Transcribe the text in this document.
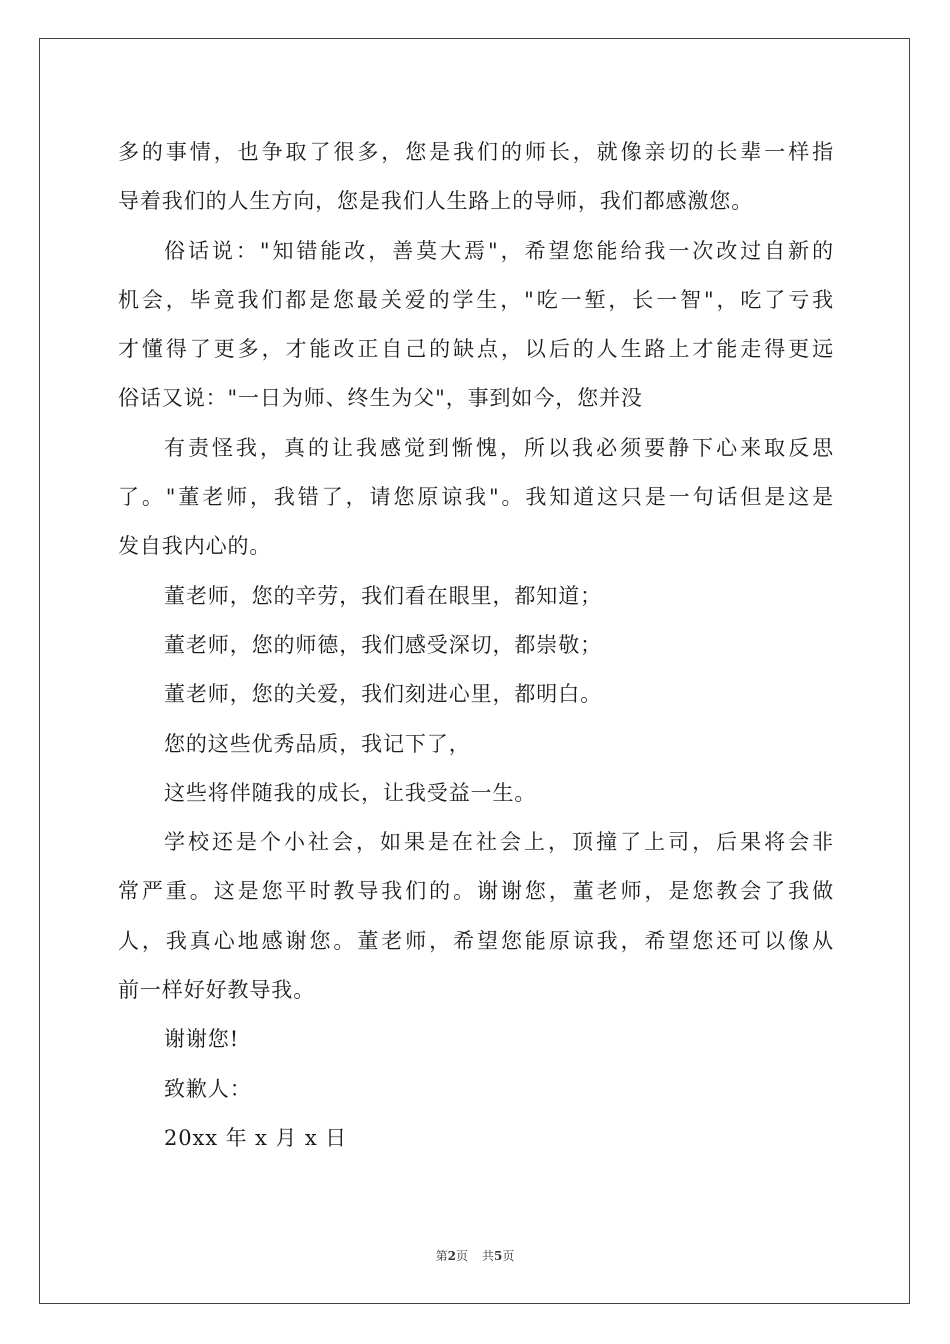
多的事情，也争取了很多，您是我们的师长，就像亲切的长辈一样指
导着我们的人生方向，您是我们人生路上的导师，我们都感激您。
俗话说："知错能改，善莫大焉"，希望您能给我一次改过自新的
机会，毕竟我们都是您最关爱的学生，"吃一堑，长一智"，吃了亏我
才懂得了更多，才能改正自己的缺点，以后的人生路上才能走得更远
俗话又说："一日为师、终生为父"，事到如今，您并没
有责怪我，真的让我感觉到惭愧，所以我必须要静下心来取反思
了。"董老师，我错了，请您原谅我"。我知道这只是一句话但是这是
发自我内心的。
董老师，您的辛劳，我们看在眼里，都知道；
董老师，您的师德，我们感受深切，都崇敬；
董老师，您的关爱，我们刻进心里，都明白。
您的这些优秀品质，我记下了，
这些将伴随我的成长，让我受益一生。
学校还是个小社会，如果是在社会上，顶撞了上司，后果将会非
常严重。这是您平时教导我们的。谢谢您，董老师，是您教会了我做
人，我真心地感谢您。董老师，希望您能原谅我，希望您还可以像从
前一样好好教导我。
谢谢您!
致歉人：
20xx 年 x 月 x 日
第2页 共5页
